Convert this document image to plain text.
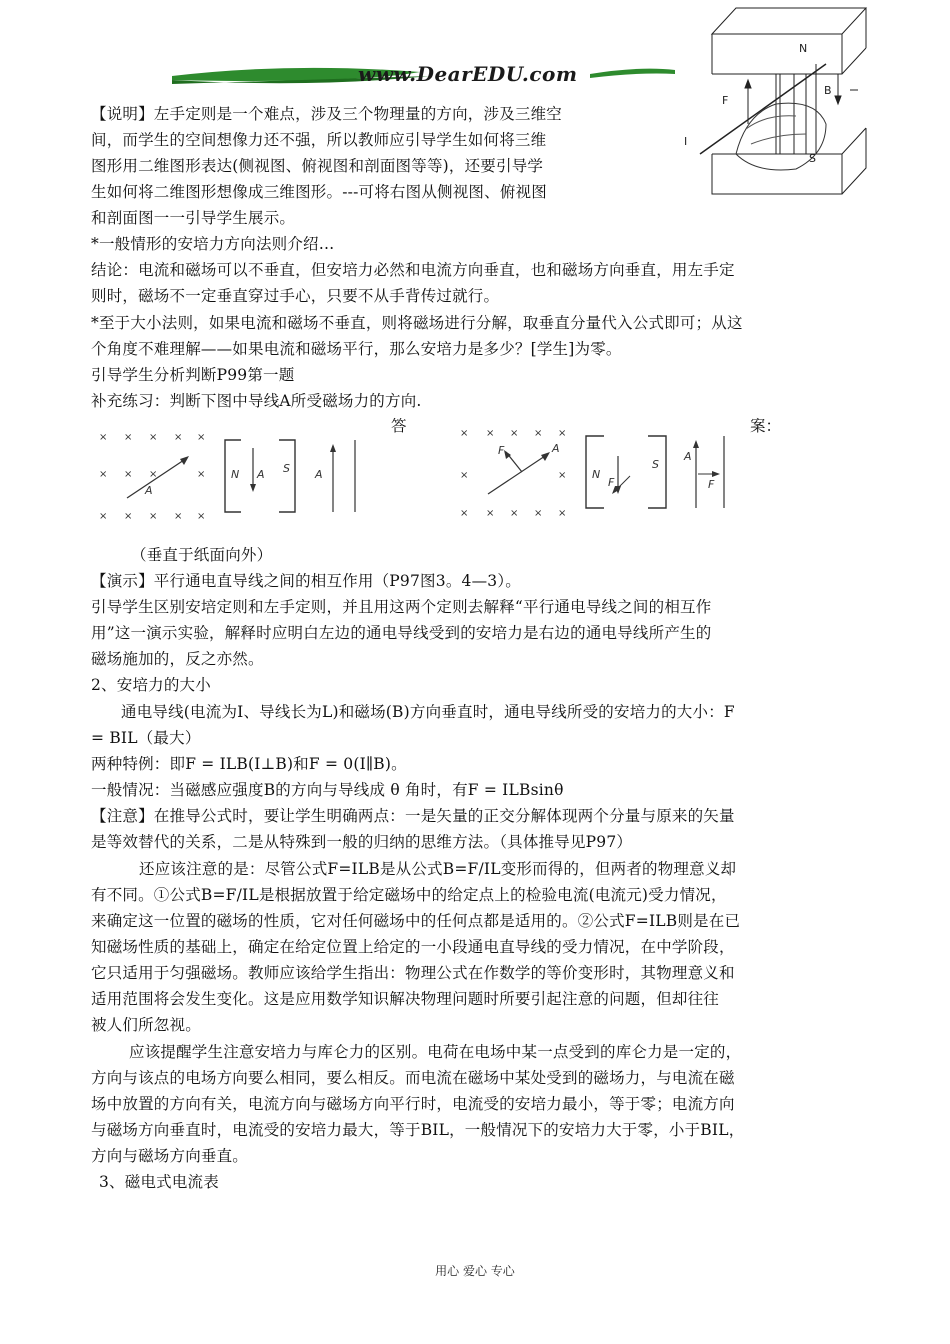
www.DearEDU.com
N
F
B
I
S
【说明】左手定则是一个难点，涉及三个物理量的方向，涉及三维空
间，而学生的空间想像力还不强，所以教师应引导学生如何将三维
图形用二维图形表达(侧视图、俯视图和剖面图等等)，还要引导学
生如何将二维图形想像成三维图形。---可将右图从侧视图、俯视图
和剖面图一一引导学生展示。
*一般情形的安培力方向法则介绍…
结论：电流和磁场可以不垂直，但安培力必然和电流方向垂直，也和磁场方向垂直，用左手定
则时，磁场不一定垂直穿过手心，只要不从手背传过就行。
*至于大小法则，如果电流和磁场不垂直，则将磁场进行分解，取垂直分量代入公式即可；从这
个角度不难理解——如果电流和磁场平行，那么安培力是多少？[学生]为零。
引导学生分析判断P99第一题
补充练习：判断下图中导线A所受磁场力的方向.
答	案：
× × × × ×
× × ×	×
× × × × ×
A
N A S A
× × × × ×
×	×
× × × × ×
A
F
N
F
S
A
F
（垂直于纸面向外）
【演示】平行通电直导线之间的相互作用（P97图3。4—3）。
引导学生区别安培定则和左手定则，并且用这两个定则去解释“平行通电导线之间的相互作
用”这一演示实验，解释时应明白左边的通电导线受到的安培力是右边的通电导线所产生的
磁场施加的，反之亦然。
2、安培力的大小
通电导线(电流为I、导线长为L)和磁场(B)方向垂直时，通电导线所受的安培力的大小：F
= BIL（最大）
两种特例：即F = ILB(I⊥B)和F = 0(I∥B)。
一般情况：当磁感应强度B的方向与导线成 θ 角时，有F = ILBsinθ
【注意】在推导公式时，要让学生明确两点：一是矢量的正交分解体现两个分量与原来的矢量
是等效替代的关系，二是从特殊到一般的归纳的思维方法。（具体推导见P97）
还应该注意的是：尽管公式F=ILB是从公式B=F/IL变形而得的，但两者的物理意义却
有不同。①公式B=F/IL是根据放置于给定磁场中的给定点上的检验电流(电流元)受力情况，
来确定这一位置的磁场的性质，它对任何磁场中的任何点都是适用的。②公式F=ILB则是在已
知磁场性质的基础上，确定在给定位置上给定的一小段通电直导线的受力情况，在中学阶段，
它只适用于匀强磁场。教师应该给学生指出：物理公式在作数学的等价变形时，其物理意义和
适用范围将会发生变化。这是应用数学知识解决物理问题时所要引起注意的问题，但却往往
被人们所忽视。
应该提醒学生注意安培力与库仑力的区别。电荷在电场中某一点受到的库仑力是一定的，
方向与该点的电场方向要么相同，要么相反。而电流在磁场中某处受到的磁场力，与电流在磁
场中放置的方向有关，电流方向与磁场方向平行时，电流受的安培力最小，等于零；电流方向
与磁场方向垂直时，电流受的安培力最大，等于BIL，一般情况下的安培力大于零，小于BIL，
方向与磁场方向垂直。
3、磁电式电流表
用心 爱心 专心
